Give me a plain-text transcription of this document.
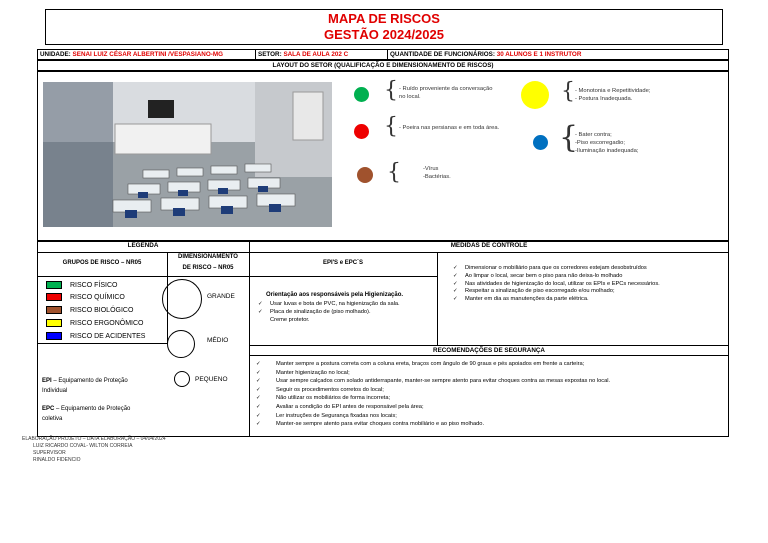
MAPA DE RISCOS
GESTÃO 2024/2025
UNIDADE: SENAI LUIZ CÉSAR ALBERTINI /VESPASIANO-MG	SETOR: SALA DE AULA 202 C	QUANTIDADE DE FUNCIONÁRIOS: 30 ALUNOS E 1 INSTRUTOR
LAYOUT DO SETOR (QUALIFICAÇÃO E DIMENSIONAMENTO DE RISCOS)
{ - Ruído proveniente da conversação
no local.
{ - Poeira nas persianas e em toda área.
{	-Vírus
-Bactérias.
{ - Monotonia e Repetitividade;
- Postura Inadequada.
{
- Bater contra;
-Piso escorregadio;
-Iluminação inadequada;
LEGENDA	MEDIDAS DE CONTROLE
GRUPOS DE RISCO – NR05
DIMENSIONAMENTO
DE RISCO – NR05
EPI'S e EPC´S
RECOMENDAÇÕES DE SEGURANÇA
RISCO FÍSICO
RISCO QUÍMICO
RISCO BIOLÓGICO
RISCO ERGONÔMICO
RISCO DE ACIDENTES
GRANDE
MÉDIO
PEQUENO
EPI – Equipamento de Proteção
Individual
EPC – Equipamento de Proteção
coletiva
Orientação aos responsáveis pela Higienização.
✓ Usar luvas e bota de PVC, na higienização da sala.
✓ Placa de sinalização de (piso molhado).
Creme protetor.
✓ Dimensionar o mobiliário para que os corredores estejam desobstruídos
✓ Ao limpar o local, secar bem o piso para não deixa-lo molhado
✓ Nas atividades de higienização do local, utilizar os EPIs e EPCs necessários.
✓ Respeitar a sinalização de piso escorregado e/ou molhado;
✓ Manter em dia as manutenções da parte elétrica.
✓	Manter sempre a postura correta com a coluna ereta, braços com ângulo de 90 graus e pés apoiados em frente a carteira;
✓	Manter higienização no local;
✓	Usar sempre calçados com solado antiderrapante, manter-se sempre atento para evitar choques contra as mesas expostas no local.
✓	Seguir os procedimentos corretos do local;
✓	Não utilizar os mobiliários de forma incorreta;
✓	Avaliar a condição do EPI antes de responsável pela área;
✓	Ler instruções de Segurança fixadas nos locais;
✓	Manter-se sempre atento para evitar choques contra mobiliário e ao piso molhado.
ELABORAÇÃO PROJETO – DATA ELABORAÇÃO – 04/04/2024
LUIZ RICARDO COVAL- WILTON CORREIA
SUPERVISOR
RINALDO FIDENCIO
